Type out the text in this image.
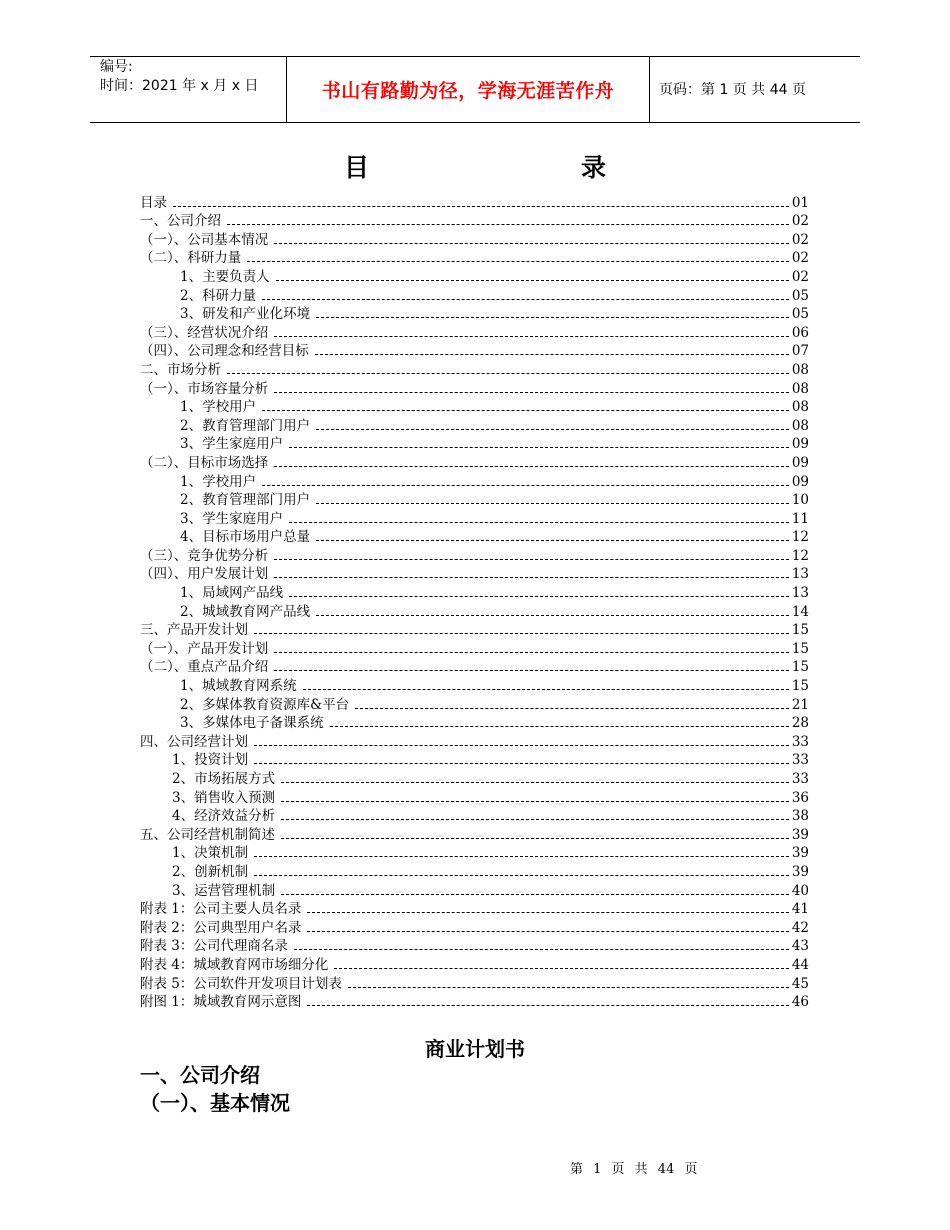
编号:
时间：2021 年 x 月 x 日	书山有路勤为径，学海无涯苦作舟	页码：第 1 页 共 44 页
目	录
目录	01
一、公司介绍	02
（一）、公司基本情况	02
（二）、科研力量	02
1、主要负责人	02
2、科研力量	05
3、研发和产业化环境	05
（三）、经营状况介绍	06
（四）、公司理念和经营目标	07
二、市场分析	08
（一）、市场容量分析	08
1、学校用户	08
2、教育管理部门用户	08
3、学生家庭用户	09
（二）、目标市场选择	09
1、学校用户	09
2、教育管理部门用户	10
3、学生家庭用户	11
4、目标市场用户总量	12
（三）、竞争优势分析	12
（四）、用户发展计划	13
1、局域网产品线	13
2、城域教育网产品线	14
三、产品开发计划	15
（一）、产品开发计划	15
（二）、重点产品介绍	15
1、城域教育网系统	15
2、多媒体教育资源库&平台	21
3、多媒体电子备课系统	28
四、公司经营计划	33
1、投资计划	33
2、市场拓展方式	33
3、销售收入预测	36
4、经济效益分析	38
五、公司经营机制简述	39
1、决策机制	39
2、创新机制	39
3、运营管理机制	40
附表 1：公司主要人员名录	41
附表 2：公司典型用户名录	42
附表 3：公司代理商名录	43
附表 4：城域教育网市场细分化	44
附表 5：公司软件开发项目计划表	45
附图 1：城域教育网示意图	46
商业计划书
一、公司介绍
（一）、基本情况
第 1 页 共 44 页
